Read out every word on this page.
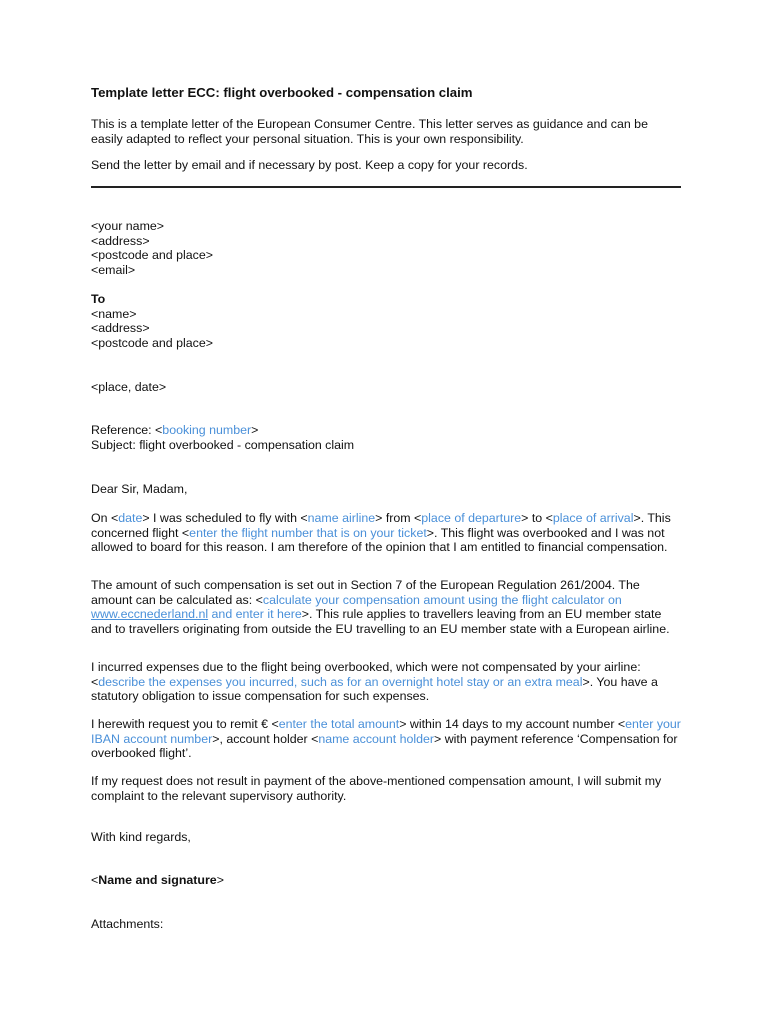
Template letter ECC: flight overbooked - compensation claim

This is a template letter of the European Consumer Centre. This letter serves as guidance and can be easily adapted to reflect your personal situation. This is your own responsibility.

Send the letter by email and if necessary by post. Keep a copy for your records.

<your name>
<address>
<postcode and place>
<email>
To
<name>
<address>
<postcode and place>
<place, date>
Reference: <booking number>
Subject: flight overbooked - compensation claim
Dear Sir, Madam,

On <date> I was scheduled to fly with <name airline> from <place of departure> to <place of arrival>. This concerned flight <enter the flight number that is on your ticket>. This flight was overbooked and I was not allowed to board for this reason. I am therefore of the opinion that I am entitled to financial compensation.

The amount of such compensation is set out in Section 7 of the European Regulation 261/2004. The amount can be calculated as: <calculate your compensation amount using the flight calculator on www.eccnederland.nl and enter it here>. This rule applies to travellers leaving from an EU member state and to travellers originating from outside the EU travelling to an EU member state with a European airline.

I incurred expenses due to the flight being overbooked, which were not compensated by your airline: <describe the expenses you incurred, such as for an overnight hotel stay or an extra meal>. You have a statutory obligation to issue compensation for such expenses.

I herewith request you to remit € <enter the total amount> within 14 days to my account number <enter your IBAN account number>, account holder <name account holder> with payment reference ‘Compensation for overbooked flight’.

If my request does not result in payment of the above-mentioned compensation amount, I will submit my complaint to the relevant supervisory authority.

With kind regards,
<Name and signature>
Attachments:
